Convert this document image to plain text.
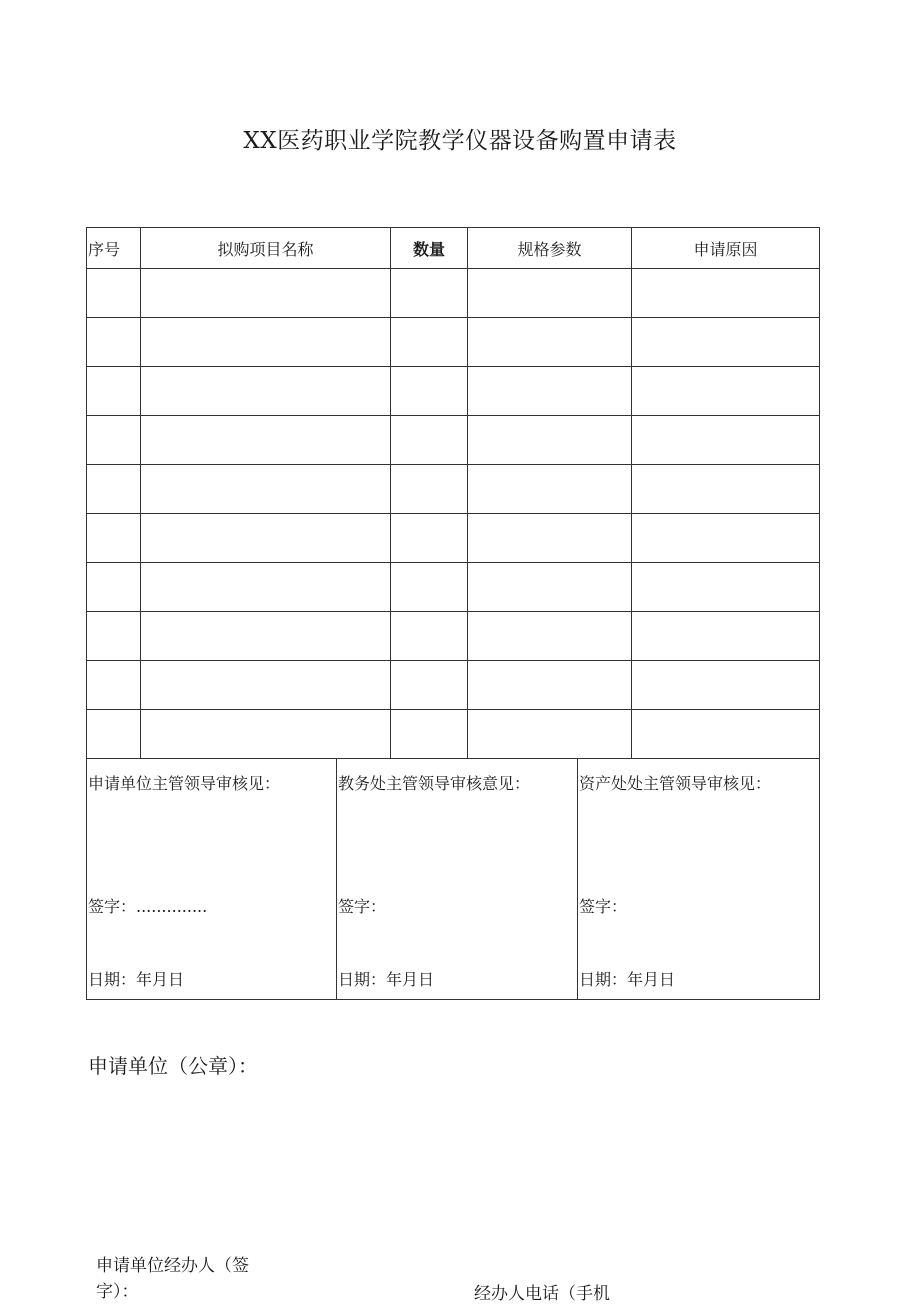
XX医药职业学院教学仪器设备购置申请表
序号	拟购项目名称	数量	规格参数	申请原因

申请单位主管领导审核见：
签字：..............
日期：年月日

教务处主管领导审核意见：
签字：
日期：年月日

资产处处主管领导审核见：
签字：
日期：年月日
申请单位（公章）：
申请单位经办人（签字）：	经办人电话（手机
